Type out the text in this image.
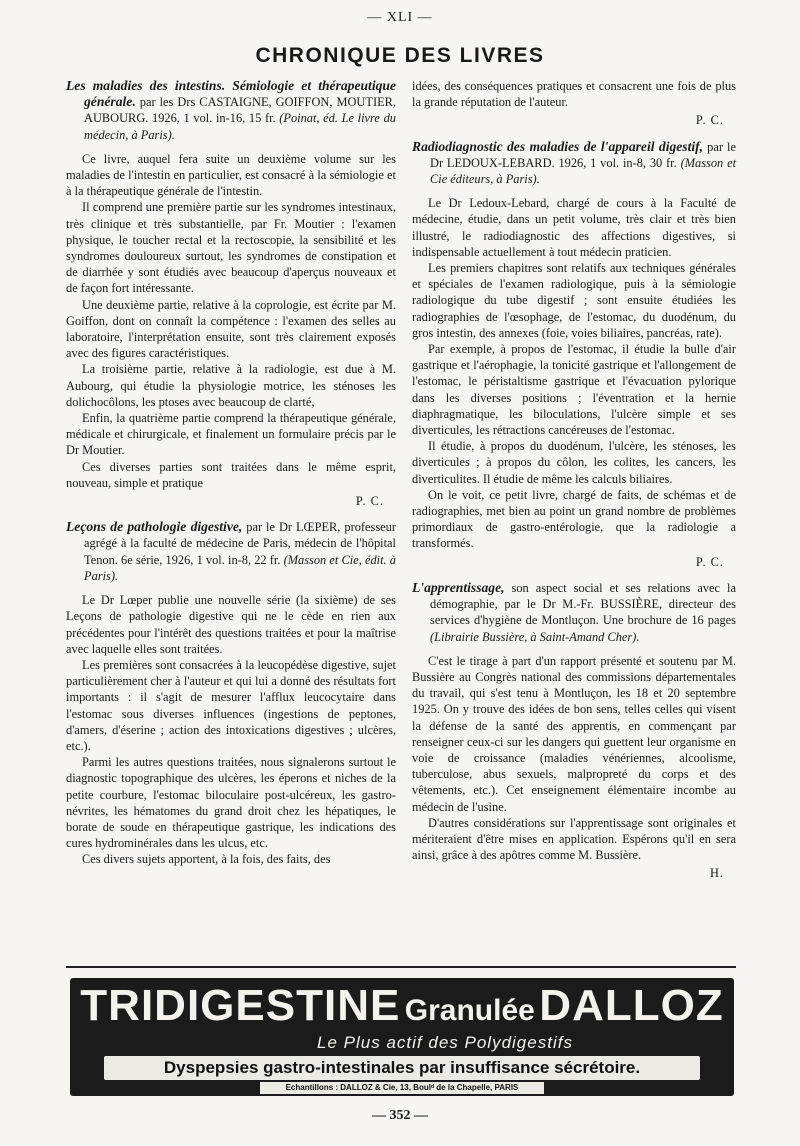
— XLI —
CHRONIQUE DES LIVRES

Les maladies des intestins. Sémiologie et thérapeutique générale. par les Drs CASTAIGNE, GOIFFON, MOUTIER, AUBOURG. 1926, 1 vol. in-16, 15 fr. (Poinat, éd. Le livre du médecin, à Paris).

Ce livre, auquel fera suite un deuxième volume sur les maladies de l'intestin en particulier, est consacré à la sémiologie et à la thérapeutique générale de l'intestin.

Il comprend une première partie sur les syndromes intestinaux, très clinique et très substantielle, par Fr. Moutier : l'examen physique, le toucher rectal et la rectoscopie, la sensibilité et les syndromes douloureux surtout, les syndromes de constipation et de diarrhée y sont étudiés avec beaucoup d'aperçus nouveaux et de façon fort intéressante.

Une deuxième partie, relative à la coprologie, est écrite par M. Goiffon, dont on connaît la compétence : l'examen des selles au laboratoire, l'interprétation ensuite, sont très clairement exposés avec des figures caractéristiques.

La troisième partie, relative à la radiologie, est due à M. Aubourg, qui étudie la physiologie motrice, les sténoses les dolichocôlons, les ptoses avec beaucoup de clarté,

Enfin, la quatrième partie comprend la thérapeutique générale, médicale et chirurgicale, et finalement un formulaire précis par le Dr Moutier.

Ces diverses parties sont traitées dans le même esprit, nouveau, simple et pratique

P. C.

Leçons de pathologie digestive, par le Dr LŒPER, professeur agrégé à la faculté de médecine de Paris, médecin de l'hôpital Tenon. 6e série, 1926, 1 vol. in-8, 22 fr. (Masson et Cie, édit. à Paris).

Le Dr Lœper publie une nouvelle série (la sixième) de ses Leçons de pathologie digestive qui ne le cède en rien aux précédentes pour l'intérêt des questions traitées et pour la maîtrise avec laquelle elles sont traitées.

Les premières sont consacrées à la leucopédèse digestive, sujet particulièrement cher à l'auteur et qui lui a donné des résultats fort importants : il s'agit de mesurer l'afflux leucocytaire dans l'estomac sous diverses influences (ingestions de peptones, d'amers, d'éserine ; action des intoxications digestives ; ulcères, etc.).

Parmi les autres questions traitées, nous signalerons surtout le diagnostic topographique des ulcères, les éperons et niches de la petite courbure, l'estomac biloculaire post-ulcéreux, les gastro-névrites, les hématomes du grand droit chez les hépatiques, le borate de soude en thérapeutique gastrique, les indications des cures hydrominérales dans les ulcus, etc.

Ces divers sujets apportent, à la fois, des faits, des

idées, des conséquences pratiques et consacrent une fois de plus la grande réputation de l'auteur.

P. C.

Radiodiagnostic des maladies de l'appareil digestif, par le Dr LEDOUX-LEBARD. 1926, 1 vol. in-8, 30 fr. (Masson et Cie éditeurs, à Paris).

Le Dr Ledoux-Lebard, chargé de cours à la Faculté de médecine, étudie, dans un petit volume, très clair et très bien illustré, le radiodiagnostic des affections digestives, si indispensable actuellement à tout médecin praticien.

Les premiers chapitres sont relatifs aux techniques générales et spéciales de l'examen radiologique, puis à la sémiologie radiologique du tube digestif ; sont ensuite étudiées les radiographies de l'œsophage, de l'estomac, du duodénum, du gros intestin, des annexes (foie, voies biliaires, pancréas, rate).

Par exemple, à propos de l'estomac, il étudie la bulle d'air gastrique et l'aérophagie, la tonicité gastrique et l'allongement de l'estomac, le péristaltisme gastrique et l'évacuation pylorique dans les diverses positions ; l'éventration et la hernie diaphragmatique, les biloculations, l'ulcère simple et ses diverticules, les rétractions cancéreuses de l'estomac.

Il étudie, à propos du duodénum, l'ulcère, les sténoses, les diverticules ; à propos du côlon, les colites, les cancers, les diverticulites. Il étudie de même les calculs biliaires.

On le voit, ce petit livre, chargé de faits, de schémas et de radiographies, met bien au point un grand nombre de problèmes primordiaux de gastro-entérologie, que la radiologie a transformés.

P. C.

L'apprentissage, son aspect social et ses relations avec la démographie, par le Dr M.-Fr. BUSSIÈRE, directeur des services d'hygiène de Montluçon. Une brochure de 16 pages (Librairie Bussière, à Saint-Amand Cher).

C'est le tirage à part d'un rapport présenté et soutenu par M. Bussière au Congrès national des commissions départementales du travail, qui s'est tenu à Montluçon, les 18 et 20 septembre 1925. On y trouve des idées de bon sens, telles celles qui visent la défense de la santé des apprentis, en commençant par renseigner ceux-ci sur les dangers qui guettent leur organisme en voie de croissance (maladies vénériennes, alcoolisme, tuberculose, abus sexuels, malpropreté du corps et des vêtements, etc.). Cet enseignement élémentaire incombe au médecin de l'usine.

D'autres considérations sur l'apprentissage sont originales et mériteraient d'être mises en application. Espérons qu'il en sera ainsi, grâce à des apôtres comme M. Bussière.

H.

TRIDIGESTINE Granulée DALLOZ
Le Plus actif des Polydigestifs
Dyspepsies gastro-intestinales par insuffisance sécrétoire.
Echantillons : DALLOZ & Cie, 13, Boulᵈ de la Chapelle, PARIS
— 352 —
